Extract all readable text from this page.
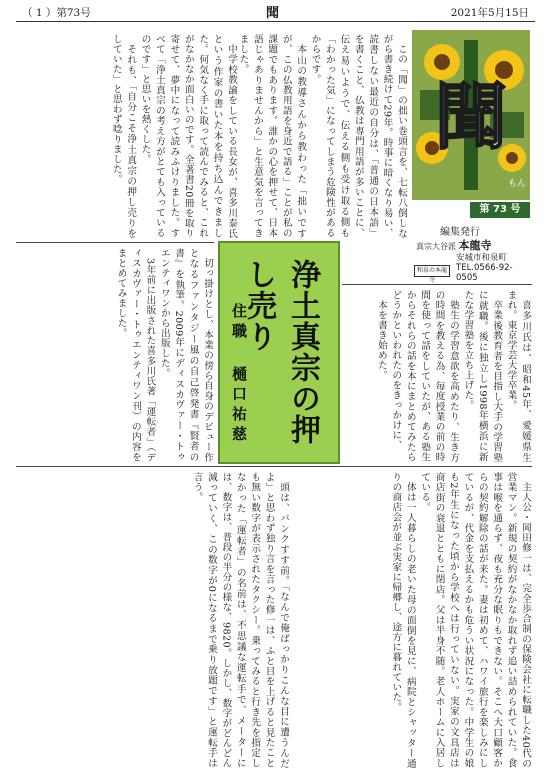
（ 1 ）第73号	聞	2021年5月15日
聞
もん
第 73 号
編集発行
真宗大谷派 本龍寺
安城市和泉町
TEL.0566-92-0505
和泉の本龍寺

この「聞」の拙い巻頭言を、七転八倒しながら書き続けて29年。時事に暗くなり易い、読書しない最近の自分は、「普通の日本語」を書くこと、仏教は専門用語が多いことに、伝え易いようで、伝える側も受け取る側も「わかった気」になってしまう危険性があるからです。

本山の教導さんから教わった「拙いですが、この仏教用語を身近で語る」ことが私の課題でもあります。誰かの心を押せて、日本語じゃありませんから」と生意気を言ってきました。

中学校教諭をしている長女が、喜多川泰氏という作家の書いた本を持ち込んできました。何気なく手に取って読んでみると、これがなかなか面白いのです。全著書20冊を取り寄せて、夢中になって読みふけりました。すべて「浄土真宗の考え方がとても入っているのです」と思いを熱くした。

それも、「自分こそ浄土真宗の押し売りをしていた」と思わず唸りました。

浄土真宗の押し売り
住職 樋口祐慈	喜多川氏は、昭和45年、愛媛県生まれ。東京学芸大学卒業。

卒業後教育者を目指し大手の学習塾に就職。後に独立し1998年横浜に新たな学習塾を立ち上げた。

塾生の学習意欲を高めたり、生き方の時間を教える為、毎度授業の前の時間を使って話をしていたが、ある塾生からそれらの話を本にまとめてみたらどうかといわれたのをきっかけに、

本を書き始めた。

切っ掛けとし、本業の傍ら自身のデビュー作となるファンタジー風の自己啓発書『賢者の書』を執筆。2009年にディスカヴァー・トゥエンティワンから出版した。

3年前に出版された喜多川氏著「運転者」（ディスカヴァー・トゥエンティワン刊）の内容をまとめてみました。

主人公・岡田修一は、完全歩合制の保険会社に転職した40代の営業マン。新規の契約がなかなか取れず追い詰められていた。食事は喉を通らず、夜も充分な眠りもできない。そこへ大口顧客からの契約解除の話が来た。妻は初めて、ハワイ旅行を楽しみにしているが、代金を支払えるかも危うい状況になった。中学生の娘も2年生になった頃から学校へは行っていない。実家の文具店は商店街の衰退とともに閉店。父は半身不随。老人ホームに入居している。

体は一人暮らしの老いた母の面倒を見に、病院とシャッター通りの商店会が並ぶ実家に帰郷し、途方に暮れていた。

頭は、バンクすす前。「なんで俺ばっかりこんな目に遭うんだよ」と思わず独り言を言った修一は、ふと目を上げると見たことも無い数字が表示されたタクシー。乗ってみると行き先を指定しなかった「運転者」の名前は、不思議な運転手で、メーターには、数字は、普段の半分の様な、9820。しかし、数字がどんどん減っていく、この数字が0になるまで乗り放題です」と運転手は言う。
